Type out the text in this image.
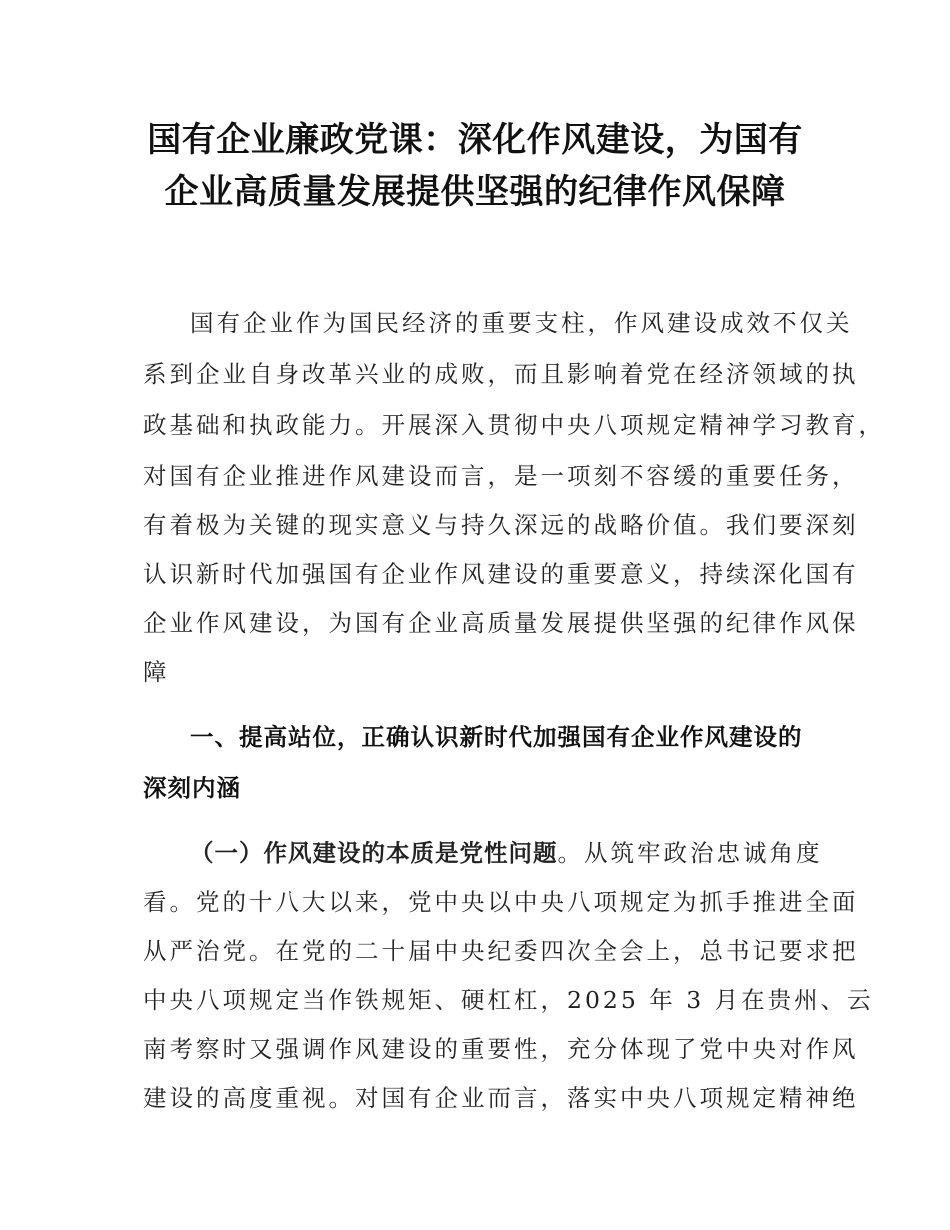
国有企业廉政党课：深化作风建设，为国有
企业高质量发展提供坚强的纪律作风保障
国有企业作为国民经济的重要支柱，作风建设成效不仅关
系到企业自身改革兴业的成败，而且影响着党在经济领域的执
政基础和执政能力。开展深入贯彻中央八项规定精神学习教育，
对国有企业推进作风建设而言，是一项刻不容缓的重要任务，
有着极为关键的现实意义与持久深远的战略价值。我们要深刻
认识新时代加强国有企业作风建设的重要意义，持续深化国有
企业作风建设，为国有企业高质量发展提供坚强的纪律作风保
障
一、提高站位，正确认识新时代加强国有企业作风建设的
深刻内涵
（一）作风建设的本质是党性问题。从筑牢政治忠诚角度
看。党的十八大以来，党中央以中央八项规定为抓手推进全面
从严治党。在党的二十届中央纪委四次全会上，总书记要求把
中央八项规定当作铁规矩、硬杠杠，2025 年 3 月在贵州、云
南考察时又强调作风建设的重要性，充分体现了党中央对作风
建设的高度重视。对国有企业而言，落实中央八项规定精神绝
